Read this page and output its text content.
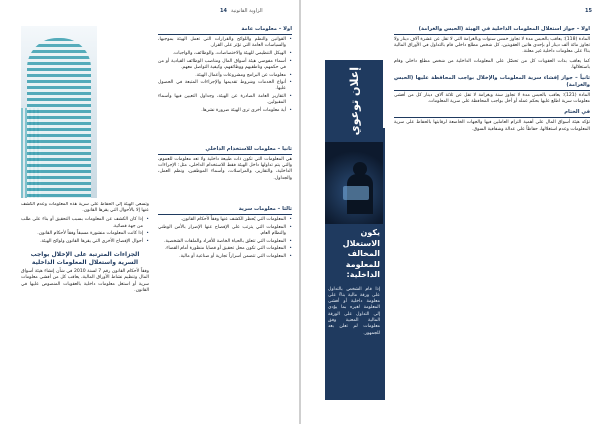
الزاوية القانونية
14
أولاً – معلومات عامة
• القوانين والنظم واللوائح والقرارات التي تعمل الهيئة بموجبها، والسياسات العامة التي تؤثر على القرار.
• الهيكل التنظيمي للهيئة والاختصاصات، والوظائف، والواجبات.
• أسماء مفوضي هيئة أسواق المال ومناصب الوظائف القيادية أو من في حكمهم، وناطقيهم ووظائفهم، وكيفية التواصل معهم.
• معلومات عن البرامج ومشروعات وأعمال الهيئة.
• أنواع الخدمات وشروط تقديمها والإجراءات المتبعة في الحصول عليها.
• التقارير العامة الصادرة عن الهيئة، وجداول التعيين فيها وأسماء المقبولين.
• أية معلومات أخرى ترى الهيئة ضرورة نشرها.
ثانياً – معلومات للاستخدام الداخلي
هي المعلومات التي تكون ذات طبيعة داخلية ولا تعد معلومات للعموم، والتي يتم تداولها داخل الهيئة فقط للاستخدام الداخلي، مثل: الإجراءات الداخلية، والتقارير، والمراسلات، وأسماء الموظفين، ونظم العمل، والجداول.
ثالثاً – معلومات سرية
• المعلومات التي يُحظر الكشف عنها وفقاً لأحكام القانون.
• المعلومات التي يترتب على الإفصاح عنها الإضرار بالأمن الوطني والنظام العام.
• المعلومات التي تتعلق بالحياة الخاصة للأفراد والملفات الشخصية.
• المعلومات التي تكون محل تحقيق أو قضايا منظورة أمام القضاء.
• المعلومات التي تتضمن أسراراً تجارية أو صناعية أو مالية.
وتسعى الهيئة إلى الحفاظ على سرية هذه المعلومات وعدم الكشف عنها إلا بالأحوال التي يقرها القانون.
• إذا كان الكشف عن المعلومات بسبب التحقيق أو بناء على طلب من جهة قضائية.
• إذا كانت المعلومات منشورة مسبقاً وفقاً لأحكام القانون.
• أحوال الإفصاح الأخرى التي يقرها القانون ولوائح الهيئة.
الجزاءات المترتبة على الإخلال بواجب السرية واستغلال المعلومات الداخلية
وفقاً لأحكام القانون رقم 7 لسنة 2010 في شأن إنشاء هيئة أسواق المال وتنظيم نشاط الأوراق المالية، يعاقب كل من أفشى معلومات سرية أو استغل معلومات داخلية بالعقوبات المنصوص عليها في القانون.
15
إعلان توعوي
يكون الاستغلال المخالف للمعلومة الداخلية:
إذا قام الشخص بالتداول على ورقة مالية بناءً على معلومة داخلية أو أفشى المعلومة لغيره بما يؤدي إلى التداول على الورقة المالية المعنية وفق معلومات لم تعلن بعد للجمهور.
أولاً – جواز استغلال المعلومات الداخلية في الهيئة (الحبس والغرامة)
المادة (118): يعاقب بالحبس مدة لا تجاوز خمس سنوات وبالغرامة التي لا تقل عن عشرة آلاف دينار ولا تجاوز مائة ألف دينار أو بإحدى هاتين العقوبتين، كل شخص مطلع داخلي قام بالتداول في الأوراق المالية بناءً على معلومات داخلية غير معلنة.
كما يعاقب بذات العقوبات كل من تحصّل على المعلومات الداخلية من شخص مطلع داخلي وقام باستغلالها.
ثانياً – جواز إفشاء سرية المعلومات والإخلال بواجب المحافظة عليها (الحبس والغرامة)
المادة (121): يعاقب بالحبس مدة لا تجاوز سنة وبغرامة لا تقل عن ثلاثة آلاف دينار كل من أفشى معلومات سرية اطلع عليها بحكم عمله أو أخل بواجب المحافظة على سرية المعلومات.
في الختام
تؤكد هيئة أسواق المال على أهمية التزام العاملين فيها والجهات الخاضعة لرقابتها بالحفاظ على سرية المعلومات وعدم استغلالها، حفاظاً على عدالة وشفافية السوق.
